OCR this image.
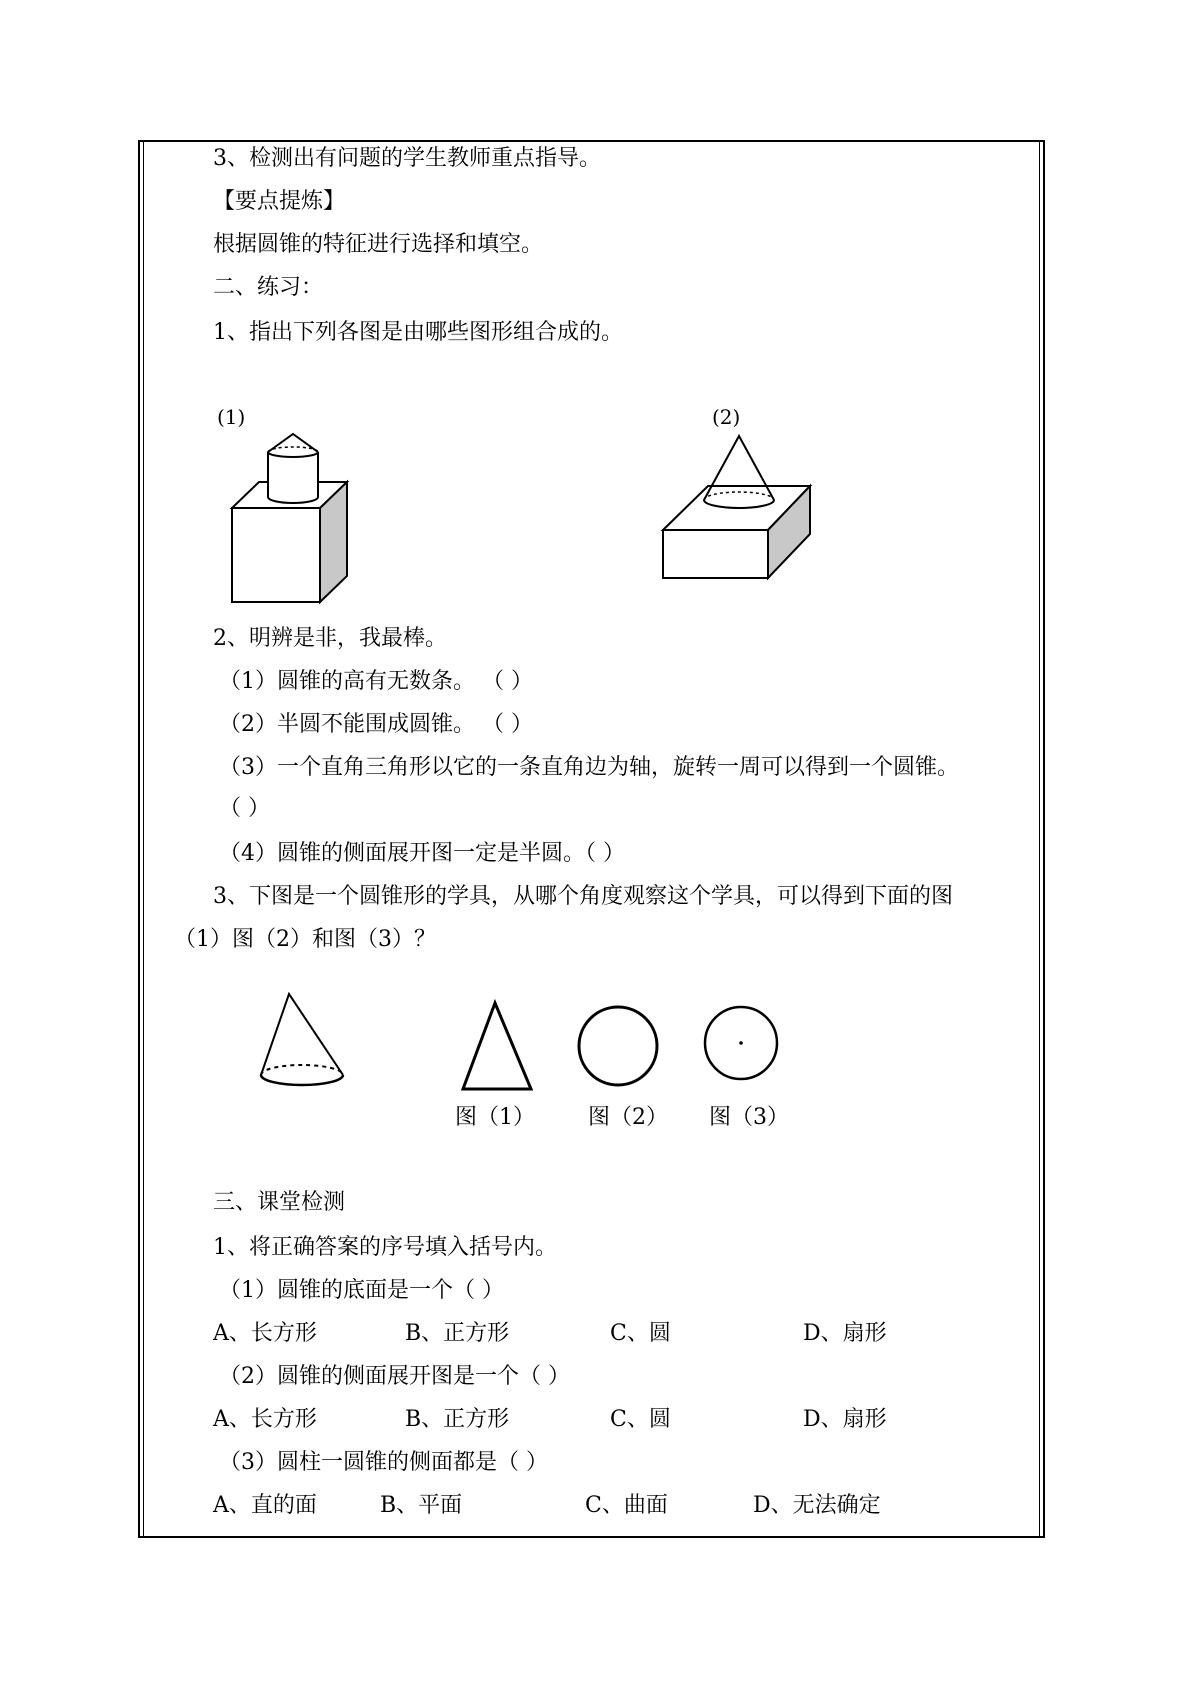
3、检测出有问题的学生教师重点指导。
【要点提炼】
根据圆锥的特征进行选择和填空。
二、练习：
1、指出下列各图是由哪些图形组合成的。
(1)	(2)
2、明辨是非，我最棒。
（1）圆锥的高有无数条。 （ ）
（2）半圆不能围成圆锥。 （ ）
（3）一个直角三角形以它的一条直角边为轴，旋转一周可以得到一个圆锥。
（ ）
（4）圆锥的侧面展开图一定是半圆。（ ）
3、下图是一个圆锥形的学具，从哪个角度观察这个学具，可以得到下面的图
（1）图（2）和图（3）？
图（1） 图（2） 图（3）
三、课堂检测
1、将正确答案的序号填入括号内。
（1）圆锥的底面是一个（ ）
A、长方形	B、正方形	C、圆	D、扇形
（2）圆锥的侧面展开图是一个（ ）
A、长方形	B、正方形	C、圆	D、扇形
（3）圆柱一圆锥的侧面都是（ ）
A、直的面	B、平面	C、曲面	D、无法确定
